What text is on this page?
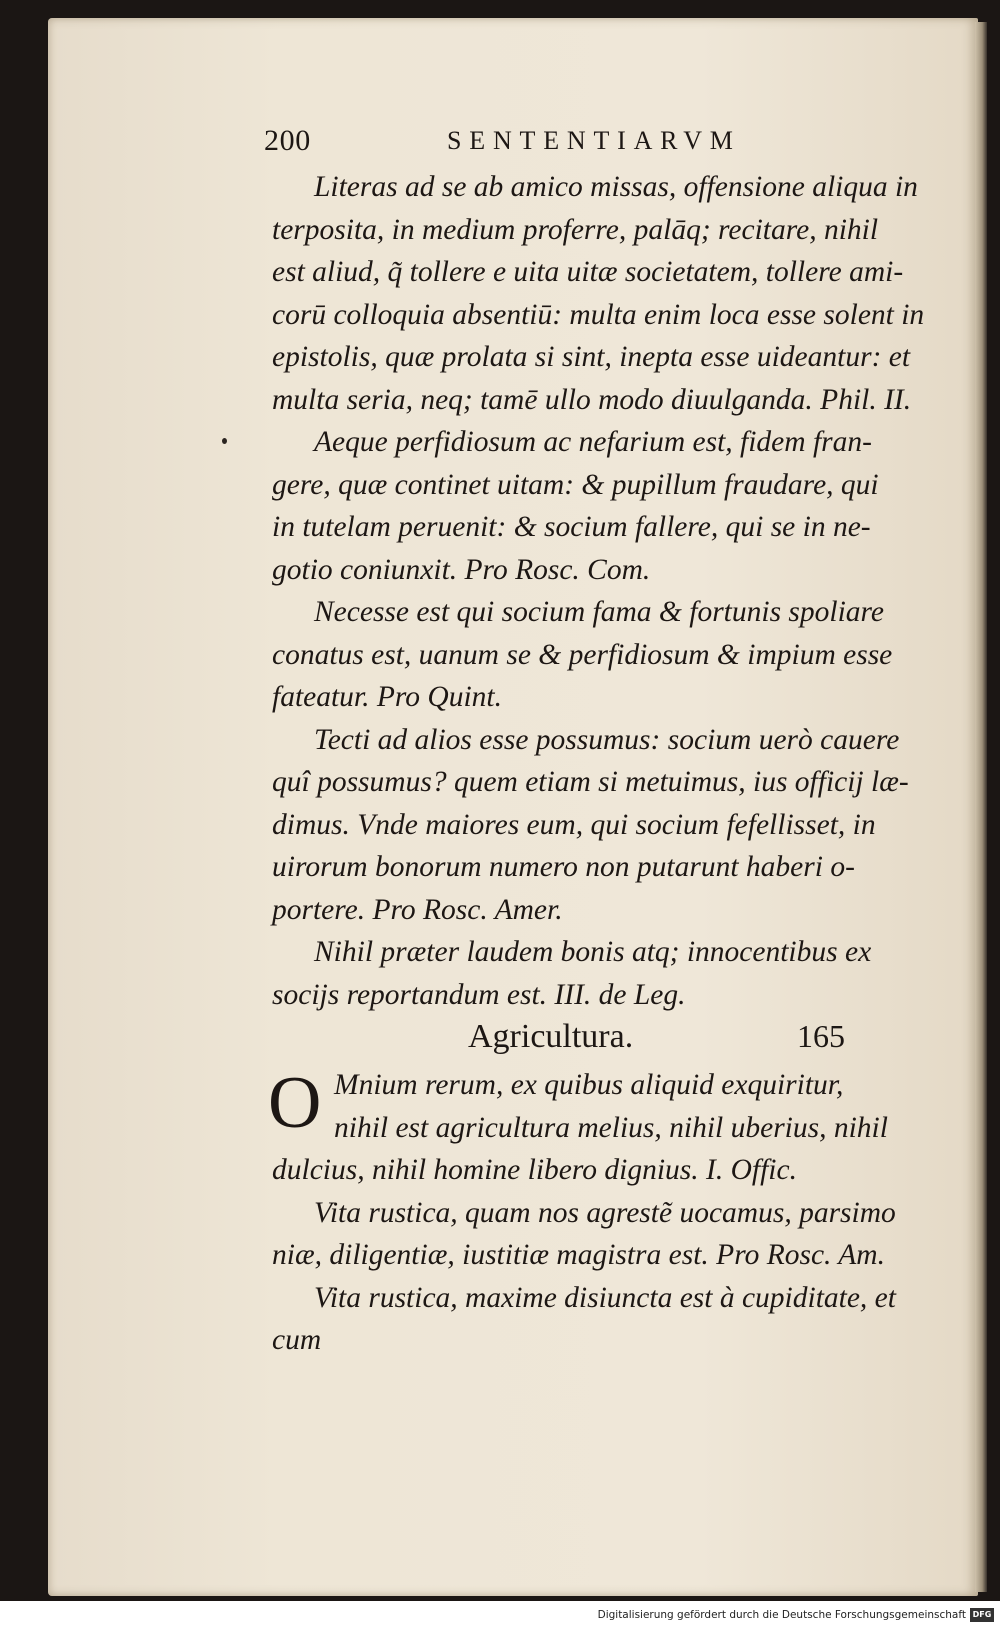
200	SENTENTIARVM

Literas ad se ab amico missas, offensione aliqua in
terposita, in medium proferre, palāq; recitare, nihil
est aliud, q̃ tollere e uita uitæ societatem, tollere ami-
corū colloquia absentiū: multa enim loca esse solent in
epistolis, quæ prolata si sint, inepta esse uideantur: et
multa seria, neq; tamē ullo modo diuulganda. Phil. II.

Aeque perfidiosum ac nefarium est, fidem fran-
gere, quæ continet uitam: & pupillum fraudare, qui
in tutelam peruenit: & socium fallere, qui se in ne-
gotio coniunxit. Pro Rosc. Com.

Necesse est qui socium fama & fortunis spoliare
conatus est, uanum se & perfidiosum & impium esse
fateatur. Pro Quint.

Tecti ad alios esse possumus: socium uerò cauere
quî possumus? quem etiam si metuimus, ius officij læ-
dimus. Vnde maiores eum, qui socium fefellisset, in
uirorum bonorum numero non putarunt haberi o-
portere. Pro Rosc. Amer.

Nihil præter laudem bonis atq; innocentibus ex
socijs reportandum est. III. de Leg.

Agricultura.	165

O Mnium rerum, ex quibus aliquid exquiritur,
nihil est agricultura melius, nihil uberius, nihil
dulcius, nihil homine libero dignius. I. Offic.

Vita rustica, quam nos agrestẽ uocamus, parsimo
niæ, diligentiæ, iustitiæ magistra est. Pro Rosc. Am.

Vita rustica, maxime disiuncta est à cupiditate, et
cum

Digitalisierung gefördert durch die Deutsche Forschungsgemeinschaft DFG
